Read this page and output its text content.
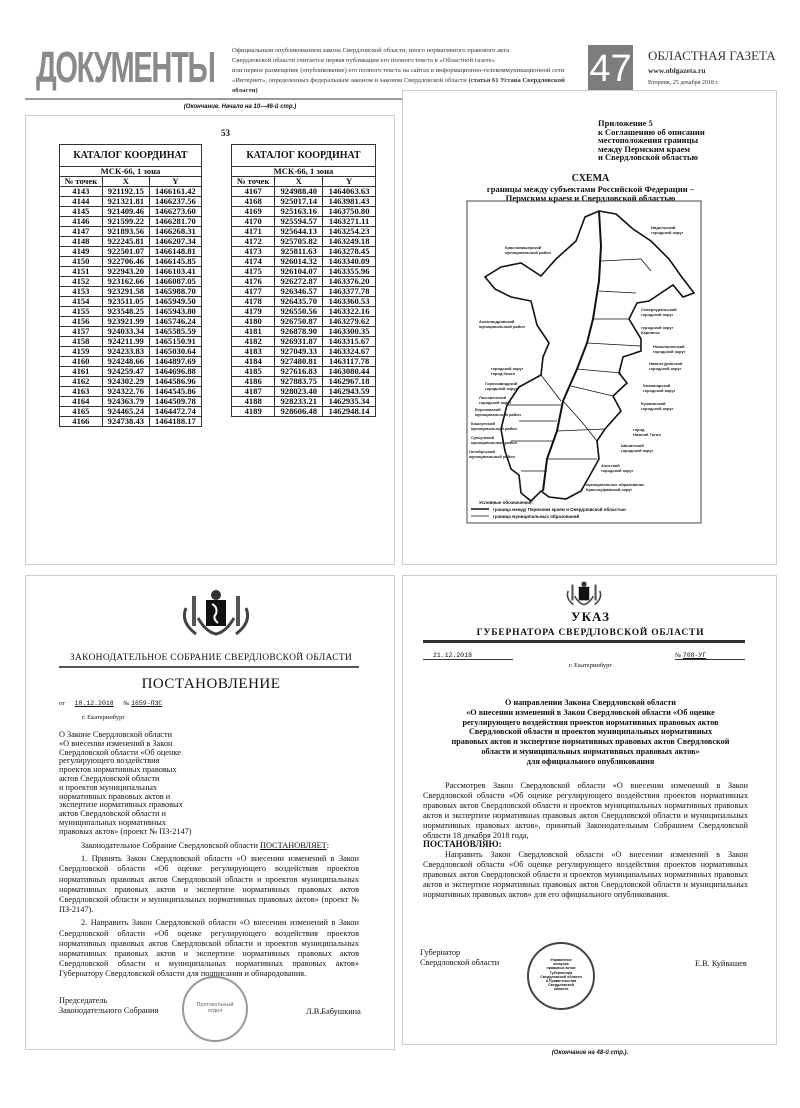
ДОКУМЕНТЫ	Официальным опубликованием закона Свердловской области, иного нормативного правового акта
Свердловской области считается первая публикация его полного текста в «Областной газете»
или первое размещение (опубликование) его полного текста на сайтах в информационно-телекоммуникационной сети
«Интернет», определенных федеральным законом и законом Свердловской области (статья 61 Устава Свердловской области)
47 ОБЛАСТНАЯ ГАЗЕТА
www.oblgazeta.ru
Вторник, 25 декабря 2018 г.
(Окончание. Начало на 10—46-й стр.)
53
КАТАЛОГ КООРДИНАТ		
МСК-66, 1 зона		
№ точек	X	Y
4143	921192.15	1466161.42
4144	921321.81	1466237.56
4145	921409.46	1466273.60
4146	921599.22	1466281.70
4147	921893.56	1466268.31
4148	922245.81	1466207.34
4149	922501.07	1466148.81
4150	922706.46	1466145.85
4151	922943.20	1466103.41
4152	923162.66	1466087.05
4153	923291.58	1465988.70
4154	923511.05	1465949.50
4155	923548.25	1465943.80
4156	923921.99	1465746.24
4157	924033.34	1465585.59
4158	924211.99	1465150.91
4159	924233.83	1465030.64
4160	924248.66	1464897.69
4161	924259.47	1464696.88
4162	924302.29	1464586.96
4163	924322.76	1464545.86
4164	924363.79	1464509.78
4165	924465.24	1464472.74
4166	924738.43	1464188.17
КАТАЛОГ КООРДИНАТ		
МСК-66, 1 зона		
№ точек	X	Y
4167	924988.40	1464063.63
4168	925017.14	1463981.43
4169	925163.16	1463750.80
4170	925594.57	1463271.11
4171	925644.13	1463254.23
4172	925705.82	1463249.18
4173	925811.63	1463278.45
4174	926014.32	1463340.09
4175	926104.07	1463355.96
4176	926272.87	1463376.20
4177	926346.57	1463377.78
4178	926435.70	1463360.53
4179	926550.56	1463322.16
4180	926750.87	1463279.62
4181	926878.90	1463300.35
4182	926931.87	1463315.67
4183	927049.33	1463324.67
4184	927480.81	1463117.78
4185	927616.83	1463080.44
4186	927883.75	1462967.18
4187	928023.40	1462943.59
4188	928233.21	1462935.34
4189	928606.48	1462948.14
Приложение 5
к Соглашению об описании
местоположения границы
между Пермским краем
и Свердловской областью
СХЕМА
границы между субъектами Российской Федерации –
Пермским краем и Свердловской областью
Ивдельский
городской округ
Красновишерский
муниципальный район
Североуральский
городской округ
городской округ
Карпинск
Александровский
муниципальный район
Новолялинский
городской округ
Нижнетуринский
городской округ
городской округ
город Кизел
Горнозаводский
городской округ
Качканарский
городской округ
Лысьвенский
городской округ	Кушвинский
городской округ
Березовский
муниципальный район
Кишертский
муниципальный район	город
Нижний Тагил
Суксунский
муниципальный район
Шалинский
городской округ
Октябрьский
муниципальный район
Ачитский
городской округ
муниципальное образование
Красноуфимский округ
Условные обозначения:
граница между Пермским краем и Свердловской областью
граница муниципальных образований
ЗАКОНОДАТЕЛЬНОЕ СОБРАНИЕ СВЕРДЛОВСКОЙ ОБЛАСТИ
ПОСТАНОВЛЕНИЕ
от 18.12.2018 № 1659-ПЗС
г. Екатеринбург
О Законе Свердловской области
«О внесении изменений в Закон
Свердловской области «Об оценке
регулирующего воздействия
проектов нормативных правовых
актов Свердловской области
и проектов муниципальных
нормативных правовых актов и
экспертизе нормативных правовых
актов Свердловской области и
муниципальных нормативных
правовых актов» (проект № ПЗ-2147)

Законодательное Собрание Свердловской области ПОСТАНОВЛЯЕТ:

1. Принять Закон Свердловской области «О внесении изменений в Закон Свердловской области «Об оценке регулирующего воздействия проектов нормативных правовых актов Свердловской области и проектов муниципальных нормативных правовых актов и экспертизе нормативных правовых актов Свердловской области и муниципальных нормативных правовых актов» (проект № ПЗ-2147).

2. Направить Закон Свердловской области «О внесении изменений в Закон Свердловской области «Об оценке регулирующего воздействия проектов нормативных правовых актов Свердловской области и проектов муниципальных нормативных правовых актов и экспертизе нормативных правовых актов Свердловской области и муниципальных нормативных правовых актов» Губернатору Свердловской области для подписания и обнародования.

Председатель
Законодательного Собрания
Протокольный
отдел	Л.В.Бабушкина
УКАЗ
ГУБЕРНАТОРА СВЕРДЛОВСКОЙ ОБЛАСТИ
21.12.2018	№ 708-УГ
г. Екатеринбург
О направлении Закона Свердловской области
«О внесении изменений в Закон Свердловской области «Об оценке
регулирующего воздействия проектов нормативных правовых актов
Свердловской области и проектов муниципальных нормативных
правовых актов и экспертизе нормативных правовых актов Свердловской
области и муниципальных нормативных правовых актов»
для официального опубликования

Рассмотрев Закон Свердловской области «О внесении изменений в Закон Свердловской области «Об оценке регулирующего воздействия проектов нормативных правовых актов Свердловской области и проектов муниципальных нормативных правовых актов и экспертизе нормативных правовых актов Свердловской области и муниципальных нормативных правовых актов», принятый Законодательным Собранием Свердловской области 18 декабря 2018 года,

ПОСТАНОВЛЯЮ:

Направить Закон Свердловской области «О внесении изменений в Закон Свердловской области «Об оценке регулирующего воздействия проектов нормативных правовых актов Свердловской области и проектов муниципальных нормативных правовых актов и экспертизе нормативных правовых актов Свердловской области и муниципальных нормативных правовых актов» для его официального опубликования.

Губернатор
Свердловской области	Управление
выпуска
правовых актов
Губернатора
Свердловской области
и Правительства
Свердловской
области
Е.В. Куйвашев
(Окончание на 48-й стр.).
